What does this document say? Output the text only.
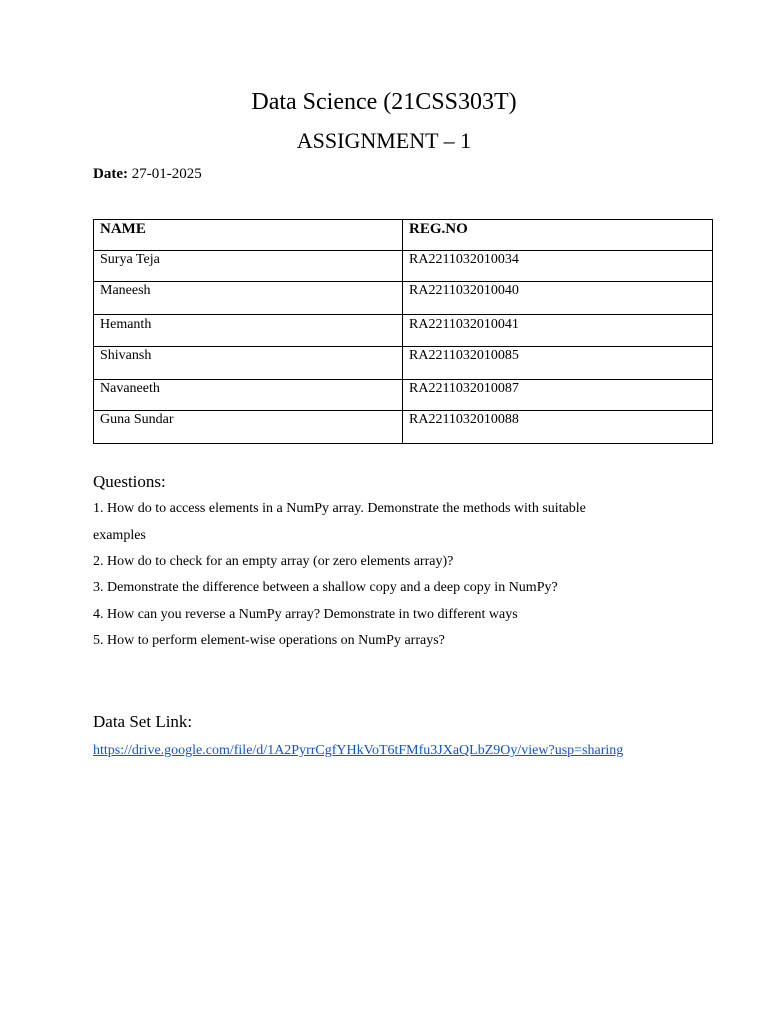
Data Science (21CSS303T)
ASSIGNMENT – 1
Date: 27-01-2025
NAME	REG.NO
Surya Teja	RA2211032010034
Maneesh	RA2211032010040
Hemanth	RA2211032010041
Shivansh	RA2211032010085
Navaneeth	RA2211032010087
Guna Sundar	RA2211032010088
Questions:
1. How do to access elements in a NumPy array. Demonstrate the methods with suitable
examples
2. How do to check for an empty array (or zero elements array)?
3. Demonstrate the difference between a shallow copy and a deep copy in NumPy?
4. How can you reverse a NumPy array? Demonstrate in two different ways
5. How to perform element-wise operations on NumPy arrays?
Data Set Link:
https://drive.google.com/file/d/1A2PyrrCgfYHkVoT6tFMfu3JXaQLbZ9Oy/view?usp=sharing
